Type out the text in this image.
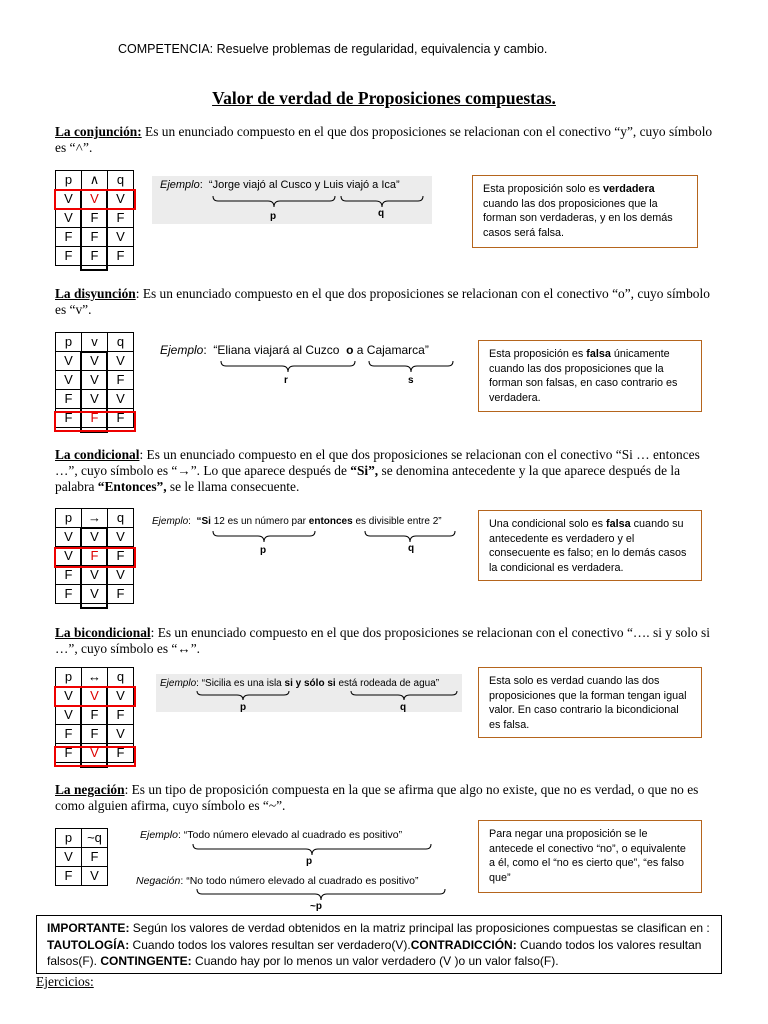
COMPETENCIA: Resuelve problemas de regularidad, equivalencia y cambio.
Valor de verdad de Proposiciones compuestas.
La conjunción: Es un enunciado compuesto en el que dos proposiciones se relacionan con el conectivo “y”, cuyo símbolo es “˄”.
p	∧	q
V	V	V
V	F	F
F	F	V
F	F	F
Ejemplo:  “Jorge viajó al Cusco y Luis viajó a Ica”
p	q
Esta proposición solo es verdadera cuando las dos proposiciones que la forman son verdaderas, y en los demás casos será falsa.
La disyunción: Es un enunciado compuesto en el que dos proposiciones se relacionan con el conectivo “o”, cuyo símbolo es “v”.
p	v	q
V	V	V
V	V	F
F	V	V
F	F	F
Ejemplo:  “Eliana viajará al Cuzco o a Cajamarca”
r	s
Esta proposición es falsa únicamente cuando las dos proposiciones que la forman son falsas, en caso contrario es verdadera.
La condicional: Es un enunciado compuesto en el que dos proposiciones se relacionan con el conectivo “Si … entonces …”, cuyo símbolo es “→”. Lo que aparece después de “Si”, se denomina antecedente y la que aparece después de la palabra “Entonces”, se le llama consecuente.
p	→	q
V	V	V
V	F	F
F	V	V
F	V	F
Ejemplo:  “Si 12 es un número par entonces es divisible entre 2”
p	q
Una condicional solo es falsa cuando su antecedente es verdadero y el consecuente es falso; en lo demás casos la condicional es verdadera.
La bicondicional: Es un enunciado compuesto en el que dos proposiciones se relacionan con el conectivo “…. si y solo si …”, cuyo símbolo es “↔”.
p	↔	q
V	V	V
V	F	F
F	F	V
F	V	F
Ejemplo: “Sicilia es una isla si y sólo si está rodeada de agua”
p	q
Esta solo es verdad cuando las dos proposiciones que la forman tengan igual valor. En caso contrario la bicondicional es falsa.
La negación: Es un tipo de proposición compuesta en la que se afirma que algo no existe, que no es verdad, o que no es como alguien afirma, cuyo símbolo es “~”.
p	~q
V	F
F	V
Ejemplo: “Todo número elevado al cuadrado es positivo”
p
Negación: “No todo número elevado al cuadrado es positivo”
~p
Para negar una proposición se le antecede el conectivo “no”, o equivalente a él, como el “no es cierto que”, “es falso que”
IMPORTANTE: Según los valores de verdad obtenidos en la matriz principal las proposiciones compuestas se clasifican en : TAUTOLOGÍA: Cuando todos los valores resultan ser verdadero(V).CONTRADICCIÓN: Cuando todos los valores resultan falsos(F). CONTINGENTE: Cuando hay por lo menos un valor verdadero (V )o un valor falso(F).
Ejercicios:
